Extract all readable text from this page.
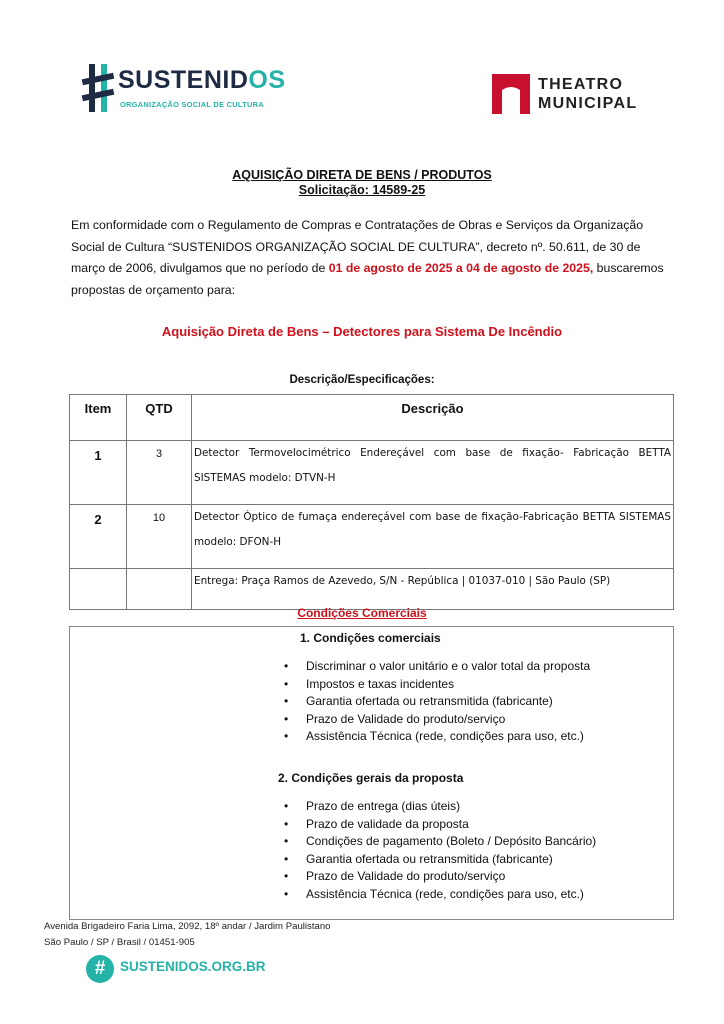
SUSTENIDOS
ORGANIZAÇÃO SOCIAL DE CULTURA
THEATRO
MUNICIPAL
AQUISIÇÃO DIRETA DE BENS / PRODUTOS
Solicitação: 14589-25
Em conformidade com o Regulamento de Compras e Contratações de Obras e Serviços da Organização Social de Cultura “SUSTENIDOS ORGANIZAÇÃO SOCIAL DE CULTURA”, decreto nº. 50.611, de 30 de março de 2006, divulgamos que no período de 01 de agosto de 2025 a 04 de agosto de 2025, buscaremos propostas de orçamento para:
Aquisição Direta de Bens – Detectores para Sistema De Incêndio
Descrição/Especificações:
Item	QTD	Descrição
1	3	Detector Termovelocimétrico Endereçável com base de fixação- Fabricação BETTA SISTEMAS modelo: DTVN-H
2	10	Detector Óptico de fumaça endereçável com base de fixação-Fabricação BETTA SISTEMAS modelo: DFON-H
		Entrega: Praça Ramos de Azevedo, S/N - República | 01037-010 | São Paulo (SP)
Condições Comerciais
1. Condições comerciais
• Discriminar o valor unitário e o valor total da proposta
• Impostos e taxas incidentes
• Garantia ofertada ou retransmitida (fabricante)
• Prazo de Validade do produto/serviço
• Assistência Técnica (rede, condições para uso, etc.)
2. Condições gerais da proposta
• Prazo de entrega (dias úteis)
• Prazo de validade da proposta
• Condições de pagamento (Boleto / Depósito Bancário)
• Garantia ofertada ou retransmitida (fabricante)
• Prazo de Validade do produto/serviço
• Assistência Técnica (rede, condições para uso, etc.)
Avenida Brigadeiro Faria Lima, 2092, 18º andar / Jardim Paulistano
São Paulo / SP / Brasil / 01451-905
#	SUSTENIDOS.ORG.BR
